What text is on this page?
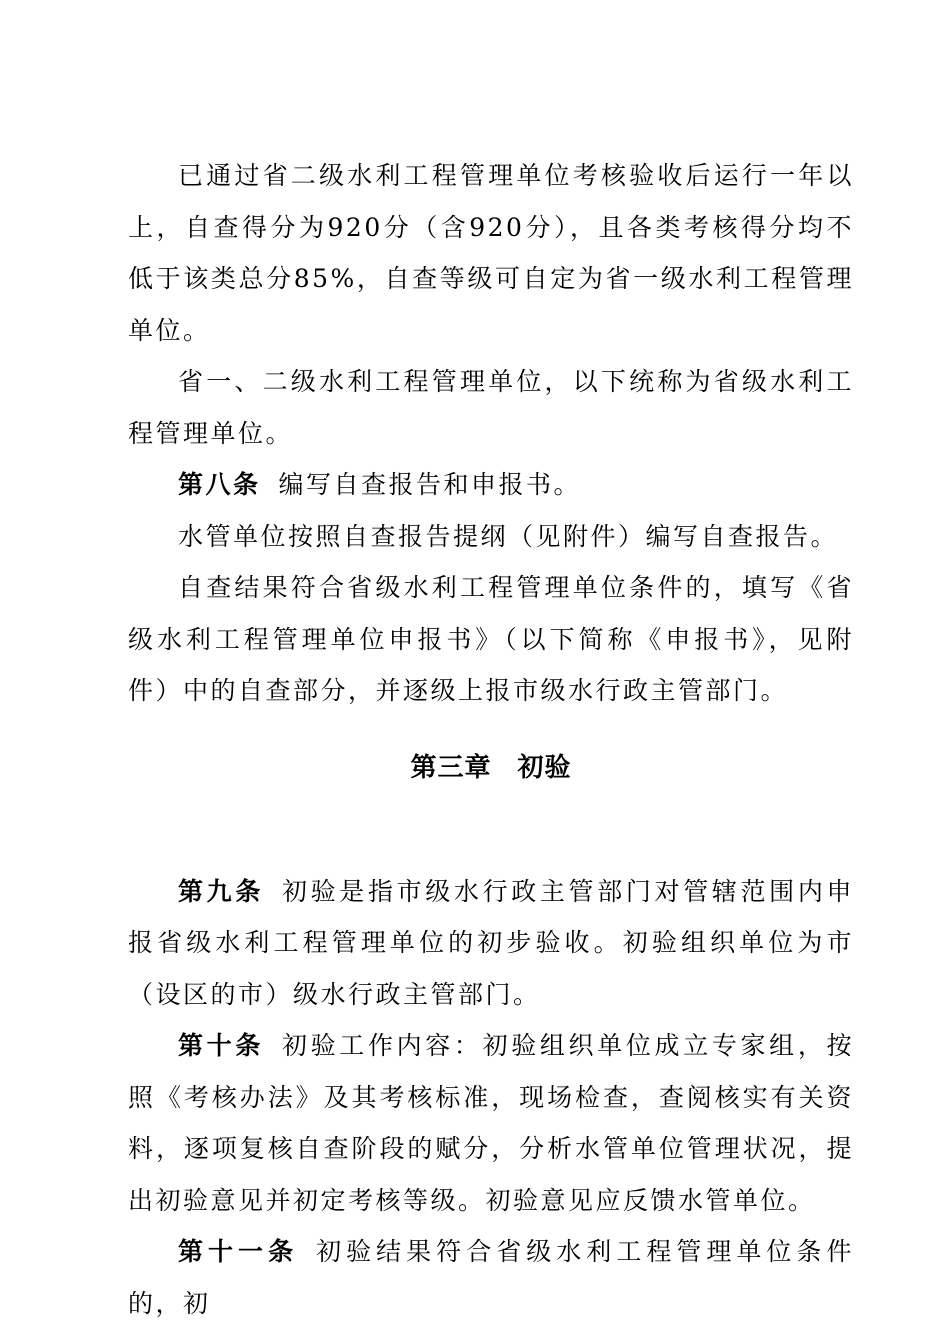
已通过省二级水利工程管理单位考核验收后运行一年以上，自查得分为920分（含920分），且各类考核得分均不低于该类总分85%，自查等级可自定为省一级水利工程管理单位。

省一、二级水利工程管理单位，以下统称为省级水利工程管理单位。

第八条 编写自查报告和申报书。

水管单位按照自查报告提纲（见附件）编写自查报告。

自查结果符合省级水利工程管理单位条件的，填写《省级水利工程管理单位申报书》（以下简称《申报书》，见附件）中的自查部分，并逐级上报市级水行政主管部门。

第三章 初验

第九条 初验是指市级水行政主管部门对管辖范围内申报省级水利工程管理单位的初步验收。初验组织单位为市（设区的市）级水行政主管部门。

第十条 初验工作内容：初验组织单位成立专家组，按照《考核办法》及其考核标准，现场检查，查阅核实有关资料，逐项复核自查阶段的赋分，分析水管单位管理状况，提出初验意见并初定考核等级。初验意见应反馈水管单位。

第十一条 初验结果符合省级水利工程管理单位条件的，初
